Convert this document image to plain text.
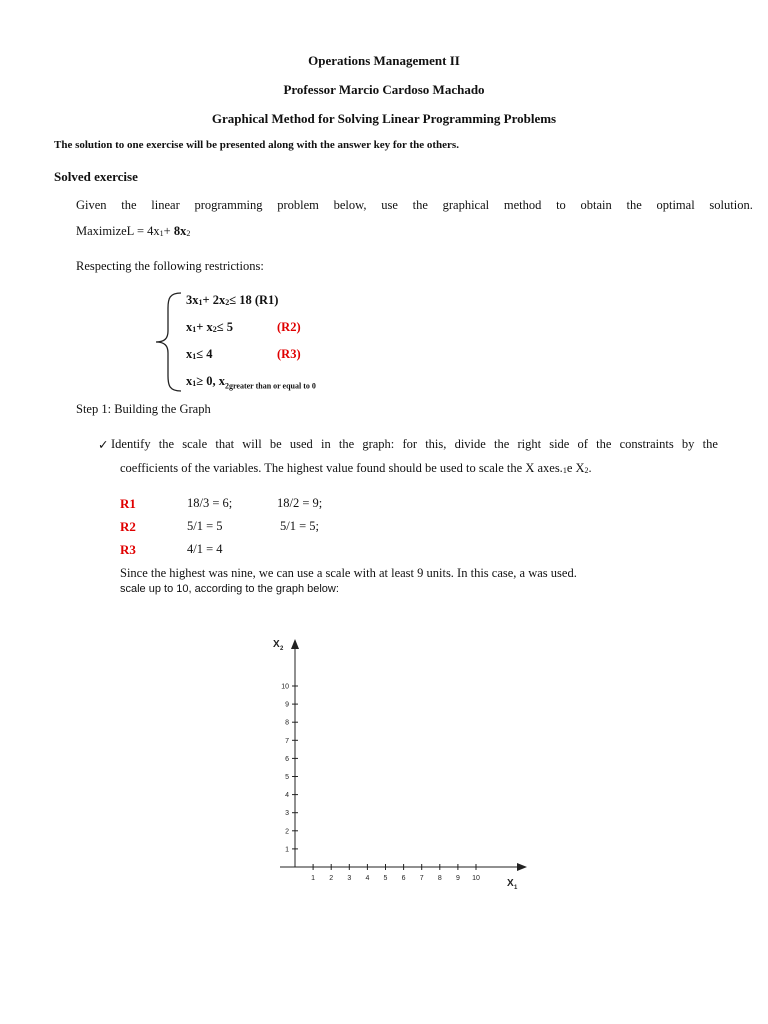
Operations Management II
Professor Marcio Cardoso Machado
Graphical Method for Solving Linear Programming Problems
The solution to one exercise will be presented along with the answer key for the others.
Solved exercise
Given the linear programming problem below, use the graphical method to obtain the optimal solution.
MaximizeL = $4x_1+ 8x_2$
Respecting the following restrictions:
$3x_1+ 2x_2\le 18$ (R1)
$x_1+ x_2\le 5$	(R2)
$x_1\le 4$	(R3)
$x_1\ge 0$, $x_{2greater than or equal to 0}$
Step 1: Building the Graph
✓ Identify the scale that will be used in the graph: for this, divide the right side of the constraints by the
coefficients of the variables. The highest value found should be used to scale the X $axes._1e$ $X_2$.
R1	18/3 = 6;	18/2 = 9;
R2	5/1 = 5	5/1 = 5;
R3	4/1 = 4
Since the highest was nine, we can use a scale with at least 9 units. In this case, a was used.
scale up to 10, according to the graph below:
1 2 3 4 5 6 7 8 9 10
1
2
3
4
5
6
7
8
9
10
X 2
X 1
